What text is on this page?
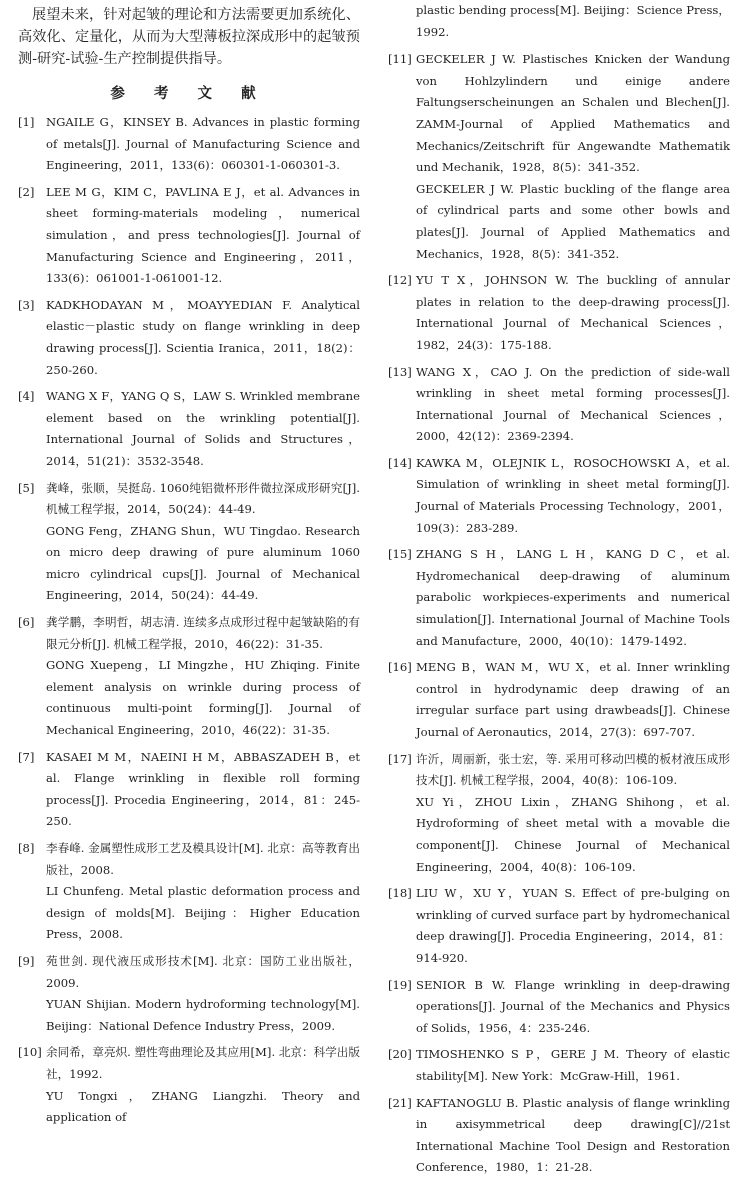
展望未来，针对起皱的理论和方法需要更加系统化、高效化、定量化，从而为大型薄板拉深成形中的起皱预测-研究-试验-生产控制提供指导。

参 考 文 献
[1] NGAILE G，KINSEY B. Advances in plastic forming of metals[J]. Journal of Manufacturing Science and Engineering，2011，133(6)：060301-1-060301-3.

[2] LEE M G，KIM C，PAVLINA E J，et al. Advances in sheet forming-materials modeling，numerical simulation，and press technologies[J]. Journal of Manufacturing Science and Engineering，2011，133(6)：061001-1-061001-12.

[3] KADKHODAYAN M，MOAYYEDIAN F. Analytical elastic－plastic study on flange wrinkling in deep drawing process[J]. Scientia Iranica，2011，18(2)：250-260.

[4] WANG X F，YANG Q S，LAW S. Wrinkled membrane element based on the wrinkling potential[J]. International Journal of Solids and Structures，2014，51(21)：3532-3548.

[5] 龚峰，张顺，吴挺岛. 1060纯铝微杯形件微拉深成形研究[J]. 机械工程学报，2014，50(24)：44-49.

GONG Feng，ZHANG Shun，WU Tingdao. Research on micro deep drawing of pure aluminum 1060 micro cylindrical cups[J]. Journal of Mechanical Engineering，2014，50(24)：44-49.

[6] 龚学鹏，李明哲，胡志清. 连续多点成形过程中起皱缺陷的有限元分析[J]. 机械工程学报，2010，46(22)：31-35.

GONG Xuepeng，LI Mingzhe，HU Zhiqing. Finite element analysis on wrinkle during process of continuous multi-point forming[J]. Journal of Mechanical Engineering，2010，46(22)：31-35.

[7] KASAEI M M，NAEINI H M，ABBASZADEH B，et al. Flange wrinkling in flexible roll forming process[J]. Procedia Engineering，2014，81：245-250.

[8] 李春峰. 金属塑性成形工艺及模具设计[M]. 北京：高等教育出版社，2008.

LI Chunfeng. Metal plastic deformation process and design of molds[M]. Beijing：Higher Education Press，2008.

[9] 苑世剑. 现代液压成形技术[M]. 北京：国防工业出版社，2009.

YUAN Shijian. Modern hydroforming technology[M]. Beijing：National Defence Industry Press，2009.

[10] 余同希，章亮炽. 塑性弯曲理论及其应用[M]. 北京：科学出版社，1992.

YU Tongxi，ZHANG Liangzhi. Theory and application of

plastic bending process[M]. Beijing：Science Press，1992.
[11] GECKELER J W. Plastisches Knicken der Wandung von Hohlzylindern und einige andere Faltungserscheinungen an Schalen und Blechen[J]. ZAMM-Journal of Applied Mathematics and Mechanics/Zeitschrift für Angewandte Mathematik und Mechanik，1928，8(5)：341-352.

GECKELER J W. Plastic buckling of the flange area of cylindrical parts and some other bowls and plates[J]. Journal of Applied Mathematics and Mechanics，1928，8(5)：341-352.

[12] YU T X，JOHNSON W. The buckling of annular plates in relation to the deep-drawing process[J]. International Journal of Mechanical Sciences，1982，24(3)：175-188.

[13] WANG X，CAO J. On the prediction of side-wall wrinkling in sheet metal forming processes[J]. International Journal of Mechanical Sciences，2000，42(12)：2369-2394.

[14] KAWKA M，OLEJNIK L，ROSOCHOWSKI A，et al. Simulation of wrinkling in sheet metal forming[J]. Journal of Materials Processing Technology，2001，109(3)：283-289.

[15] ZHANG S H，LANG L H，KANG D C，et al. Hydromechanical deep-drawing of aluminum parabolic workpieces-experiments and numerical simulation[J]. International Journal of Machine Tools and Manufacture，2000，40(10)：1479-1492.

[16] MENG B，WAN M，WU X，et al. Inner wrinkling control in hydrodynamic deep drawing of an irregular surface part using drawbeads[J]. Chinese Journal of Aeronautics，2014，27(3)：697-707.

[17] 许沂，周丽新，张士宏，等. 采用可移动凹模的板材液压成形技术[J]. 机械工程学报，2004，40(8)：106-109.

XU Yi，ZHOU Lixin，ZHANG Shihong，et al. Hydroforming of sheet metal with a movable die component[J]. Chinese Journal of Mechanical Engineering，2004，40(8)：106-109.

[18] LIU W，XU Y，YUAN S. Effect of pre-bulging on wrinkling of curved surface part by hydromechanical deep drawing[J]. Procedia Engineering，2014，81：914-920.

[19] SENIOR B W. Flange wrinkling in deep-drawing operations[J]. Journal of the Mechanics and Physics of Solids，1956，4：235-246.

[20] TIMOSHENKO S P，GERE J M. Theory of elastic stability[M]. New York：McGraw-Hill，1961.

[21] KAFTANOGLU B. Plastic analysis of flange wrinkling in axisymmetrical deep drawing[C]//21st International Machine Tool Design and Restoration Conference，1980，1：21-28.
